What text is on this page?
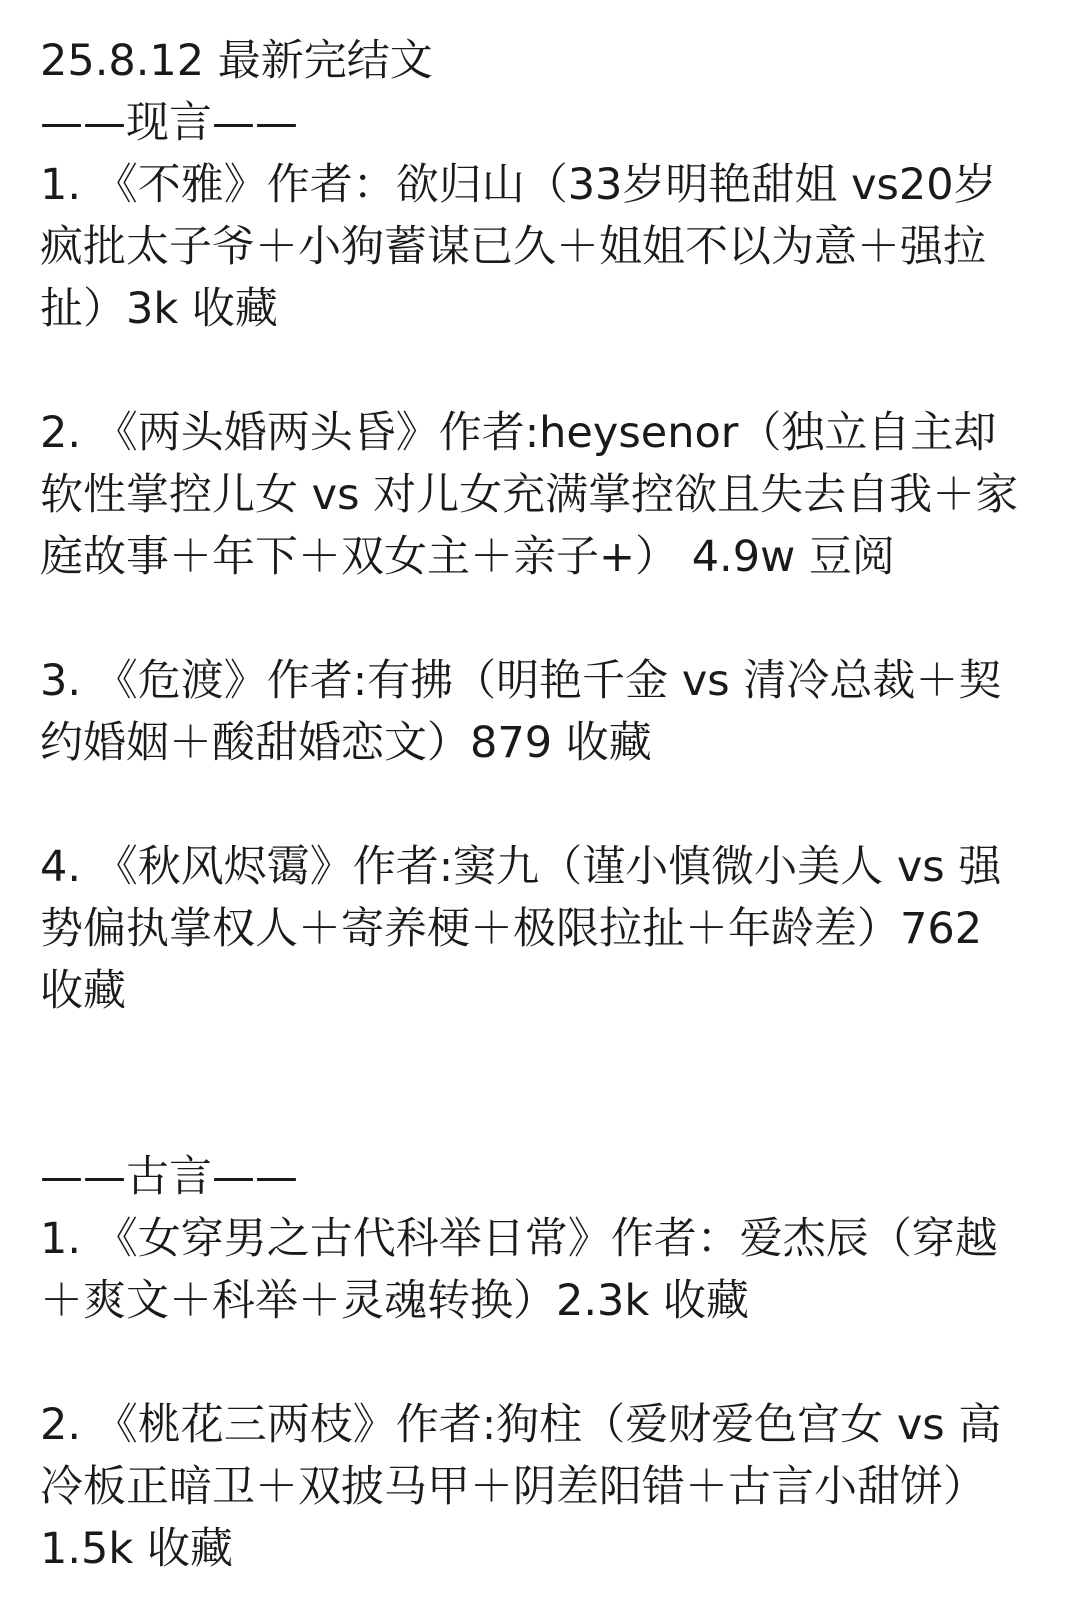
25.8.12 最新完结文
——现言——
1. 《不雅》作者：欲归山（33岁明艳甜姐 vs20岁疯批太子爷＋小狗蓄谋已久＋姐姐不以为意＋强拉扯）3k 收藏
2. 《两头婚两头昏》作者:heysenor（独立自主却软性掌控儿女 vs 对儿女充满掌控欲且失去自我＋家庭故事＋年下＋双女主＋亲子+） 4.9w 豆阅
3. 《危渡》作者:有拂（明艳千金 vs 清冷总裁＋契约婚姻＋酸甜婚恋文）879 收藏
4. 《秋风烬霭》作者:窦九（谨小慎微小美人 vs 强势偏执掌权人＋寄养梗＋极限拉扯＋年龄差）762 收藏
——古言——
1. 《女穿男之古代科举日常》作者：爱杰辰（穿越＋爽文＋科举＋灵魂转换）2.3k 收藏
2. 《桃花三两枝》作者:狗柱（爱财爱色宫女 vs 高冷板正暗卫＋双披马甲＋阴差阳错＋古言小甜饼）1.5k 收藏
